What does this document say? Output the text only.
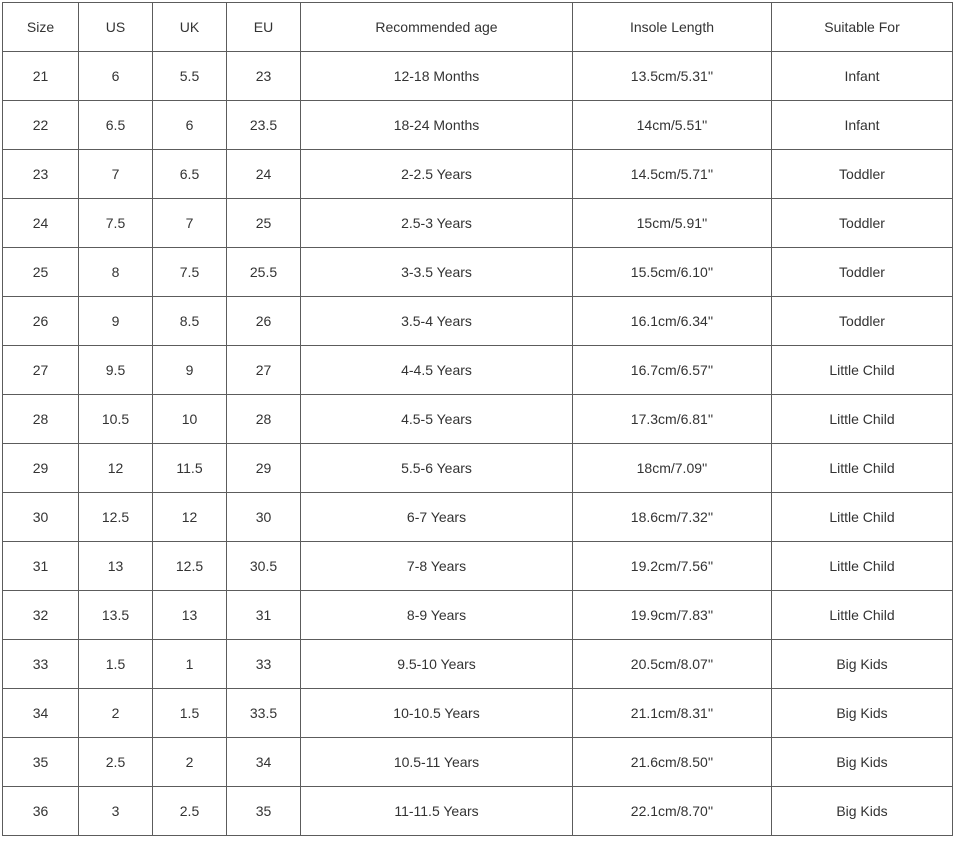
Size	US	UK	EU	Recommended age	Insole Length	Suitable For
21	6	5.5	23	12-18 Months	13.5cm/5.31''	Infant
22	6.5	6	23.5	18-24 Months	14cm/5.51''	Infant
23	7	6.5	24	2-2.5 Years	14.5cm/5.71''	Toddler
24	7.5	7	25	2.5-3 Years	15cm/5.91''	Toddler
25	8	7.5	25.5	3-3.5 Years	15.5cm/6.10''	Toddler
26	9	8.5	26	3.5-4 Years	16.1cm/6.34''	Toddler
27	9.5	9	27	4-4.5 Years	16.7cm/6.57''	Little Child
28	10.5	10	28	4.5-5 Years	17.3cm/6.81''	Little Child
29	12	11.5	29	5.5-6 Years	18cm/7.09''	Little Child
30	12.5	12	30	6-7 Years	18.6cm/7.32''	Little Child
31	13	12.5	30.5	7-8 Years	19.2cm/7.56''	Little Child
32	13.5	13	31	8-9 Years	19.9cm/7.83''	Little Child
33	1.5	1	33	9.5-10 Years	20.5cm/8.07''	Big Kids
34	2	1.5	33.5	10-10.5 Years	21.1cm/8.31''	Big Kids
35	2.5	2	34	10.5-11 Years	21.6cm/8.50''	Big Kids
36	3	2.5	35	11-11.5 Years	22.1cm/8.70''	Big Kids
